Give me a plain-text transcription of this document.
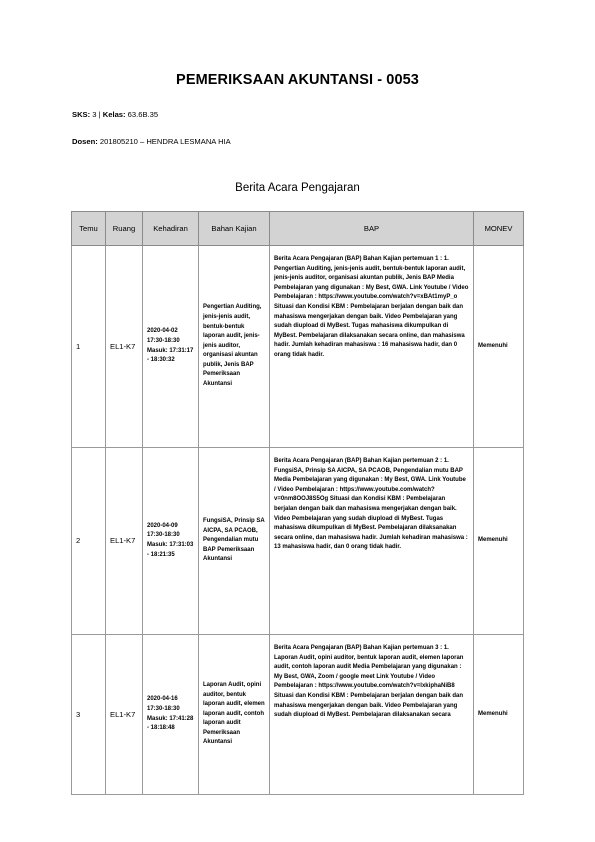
PEMERIKSAAN AKUNTANSI - 0053
SKS: 3 | Kelas: 63.6B.35
Dosen: 201805210 – HENDRA LESMANA HIA
Berita Acara Pengajaran
Temu	Ruang	Kehadiran	Bahan Kajian	BAP	MONEV
1	EL1-K7	2020-04-02 17:30-18:30 Masuk: 17:31:17 - 18:30:32	Pengertian Auditing, jenis-jenis audit, bentuk-bentuk laporan audit, jenis-jenis auditor, organisasi akuntan publik, Jenis BAP Pemeriksaan Akuntansi	Berita Acara Pengajaran (BAP) Bahan Kajian pertemuan 1 : 1. Pengertian Auditing, jenis-jenis audit, bentuk-bentuk laporan audit, jenis-jenis auditor, organisasi akuntan publik, Jenis BAP Media Pembelajaran yang digunakan : My Best, GWA. Link Youtube / Video Pembelajaran : https://www.youtube.com/watch?v=xBAt1myP_o Situasi dan Kondisi KBM : Pembelajaran berjalan dengan baik dan mahasiswa mengerjakan dengan baik. Video Pembelajaran yang sudah diupload di MyBest. Tugas mahasiswa dikumpulkan di MyBest. Pembelajaran dilaksanakan secara online, dan mahasiswa hadir. Jumlah kehadiran mahasiswa : 16 mahasiswa hadir, dan 0 orang tidak hadir.	Memenuhi
2	EL1-K7	2020-04-09 17:30-18:30 Masuk: 17:31:03 - 18:21:35	FungsiSA, Prinsip SA AICPA, SA PCAOB, Pengendalian mutu BAP Pemeriksaan Akuntansi	Berita Acara Pengajaran (BAP) Bahan Kajian pertemuan 2 : 1. FungsiSA, Prinsip SA AICPA, SA PCAOB, Pengendalian mutu BAP Media Pembelajaran yang digunakan : My Best, GWA. Link Youtube / Video Pembelajaran : https://www.youtube.com/watch?v=0nm8OOJ8S5Og Situasi dan Kondisi KBM : Pembelajaran berjalan dengan baik dan mahasiswa mengerjakan dengan baik. Video Pembelajaran yang sudah diupload di MyBest. Tugas mahasiswa dikumpulkan di MyBest. Pembelajaran dilaksanakan secara online, dan mahasiswa hadir. Jumlah kehadiran mahasiswa : 13 mahasiswa hadir, dan 0 orang tidak hadir.	Memenuhi
3	EL1-K7	2020-04-16 17:30-18:30 Masuk: 17:41:28 - 18:18:48	Laporan Audit, opini auditor, bentuk laporan audit, elemen laporan audit, contoh laporan audit Pemeriksaan Akuntansi	Berita Acara Pengajaran (BAP) Bahan Kajian pertemuan 3 : 1. Laporan Audit, opini auditor, bentuk laporan audit, elemen laporan audit, contoh laporan audit Media Pembelajaran yang digunakan : My Best, GWA, Zoom / google meet Link Youtube / Video Pembelajaran : https://www.youtube.com/watch?v=lxkiphaNiB8 Situasi dan Kondisi KBM : Pembelajaran berjalan dengan baik dan mahasiswa mengerjakan dengan baik. Video Pembelajaran yang sudah diupload di MyBest. Pembelajaran dilaksanakan secara	Memenuhi
